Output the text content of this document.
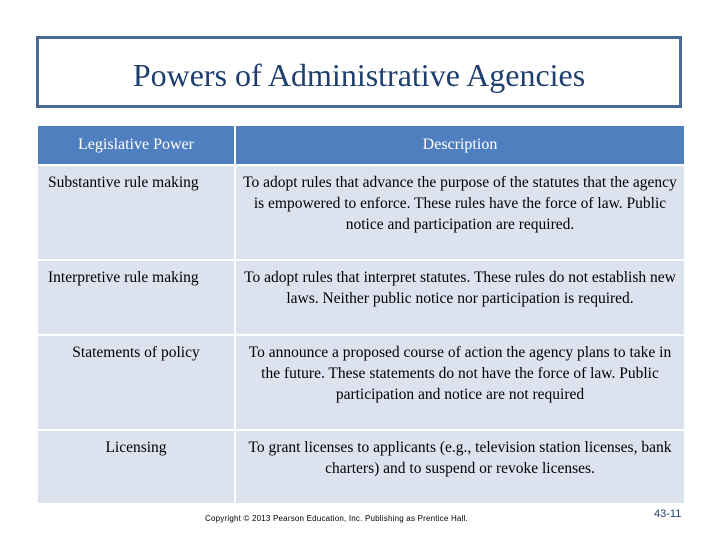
Powers of Administrative Agencies
Legislative Power	Description
Substantive rule making	To adopt rules that advance the purpose of the statutes that the agency is empowered to enforce. These rules have the force of law. Public notice and participation are required.
Interpretive rule making	To adopt rules that interpret statutes. These rules do not establish new laws. Neither public notice nor participation is required.
Statements of policy	To announce a proposed course of action the agency plans to take in the future. These statements do not have the force of law. Public participation and notice are not required
Licensing	To grant licenses to applicants (e.g., television station licenses, bank charters) and to suspend or revoke licenses.
Copyright © 2013 Pearson Education, Inc. Publishing as Prentice Hall.	43-11
